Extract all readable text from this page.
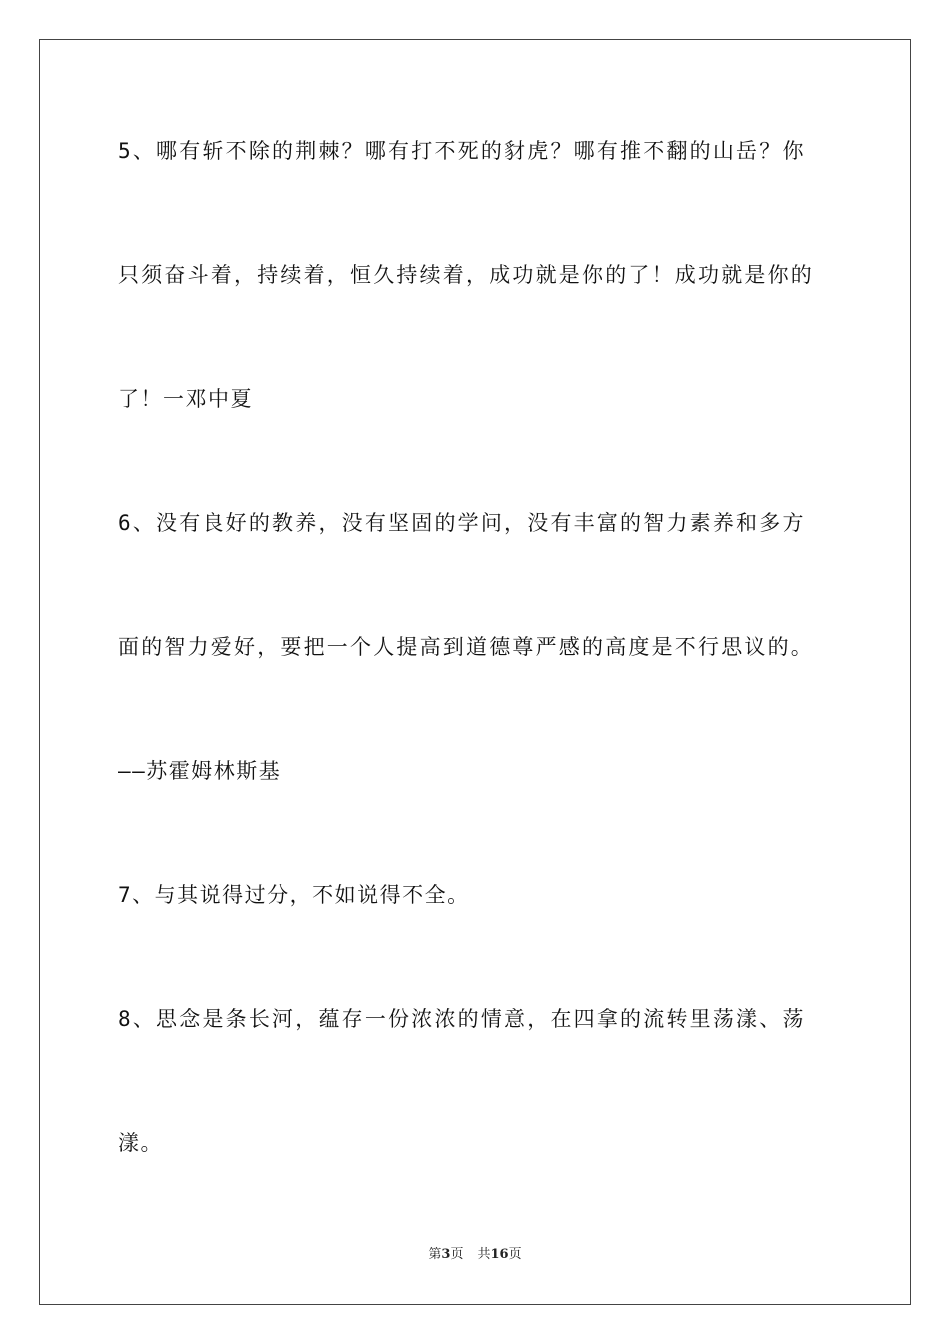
5、哪有斩不除的荆棘？哪有打不死的豺虎？哪有推不翻的山岳？你
只须奋斗着，持续着，恒久持续着，成功就是你的了！成功就是你的
了！一邓中夏
6、没有良好的教养，没有坚固的学问，没有丰富的智力素养和多方
面的智力爱好，要把一个人提高到道德尊严感的高度是不行思议的。
——苏霍姆林斯基
7、与其说得过分，不如说得不全。
8、思念是条长河，蕴存一份浓浓的情意，在四拿的流转里荡漾、荡
漾。
第3页 共16页
